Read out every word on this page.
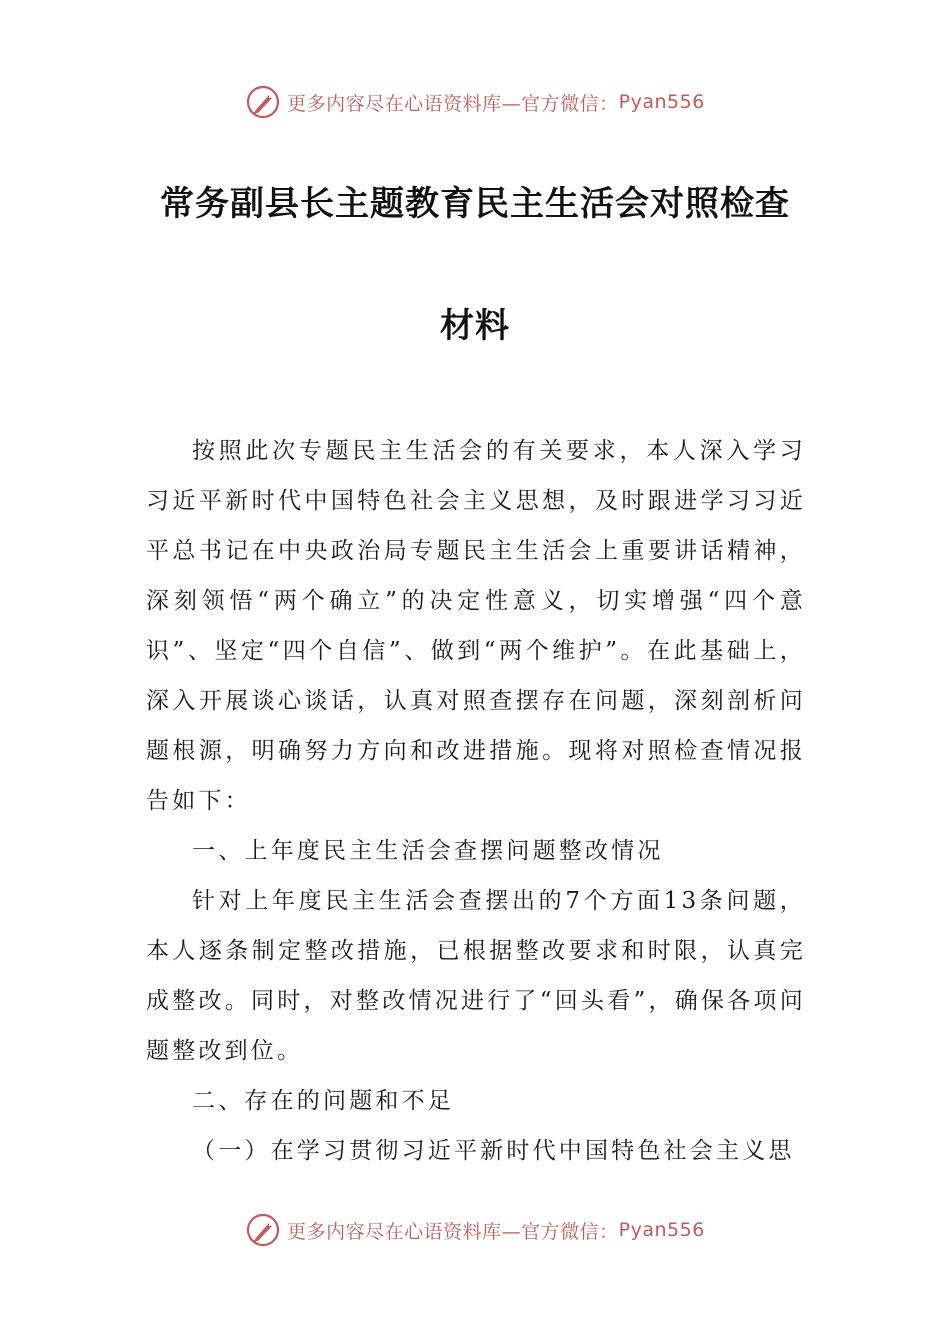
更多内容尽在心语资料库—官方微信： Pyan556
常务副县长主题教育民主生活会对照检查
材料

按照此次专题民主生活会的有关要求，本人深入学习习近平新时代中国特色社会主义思想，及时跟进学习习近平总书记在中央政治局专题民主生活会上重要讲话精神，深刻领悟“两个确立”的决定性意义，切实增强“四个意识”、坚定“四个自信”、做到“两个维护”。在此基础上，深入开展谈心谈话，认真对照查摆存在问题，深刻剖析问题根源，明确努力方向和改进措施。现将对照检查情况报告如下：

一、上年度民主生活会查摆问题整改情况

针对上年度民主生活会查摆出的7个方面13条问题，本人逐条制定整改措施，已根据整改要求和时限，认真完成整改。同时，对整改情况进行了“回头看”，确保各项问题整改到位。

二、存在的问题和不足

（一）在学习贯彻习近平新时代中国特色社会主义思

更多内容尽在心语资料库—官方微信： Pyan556
